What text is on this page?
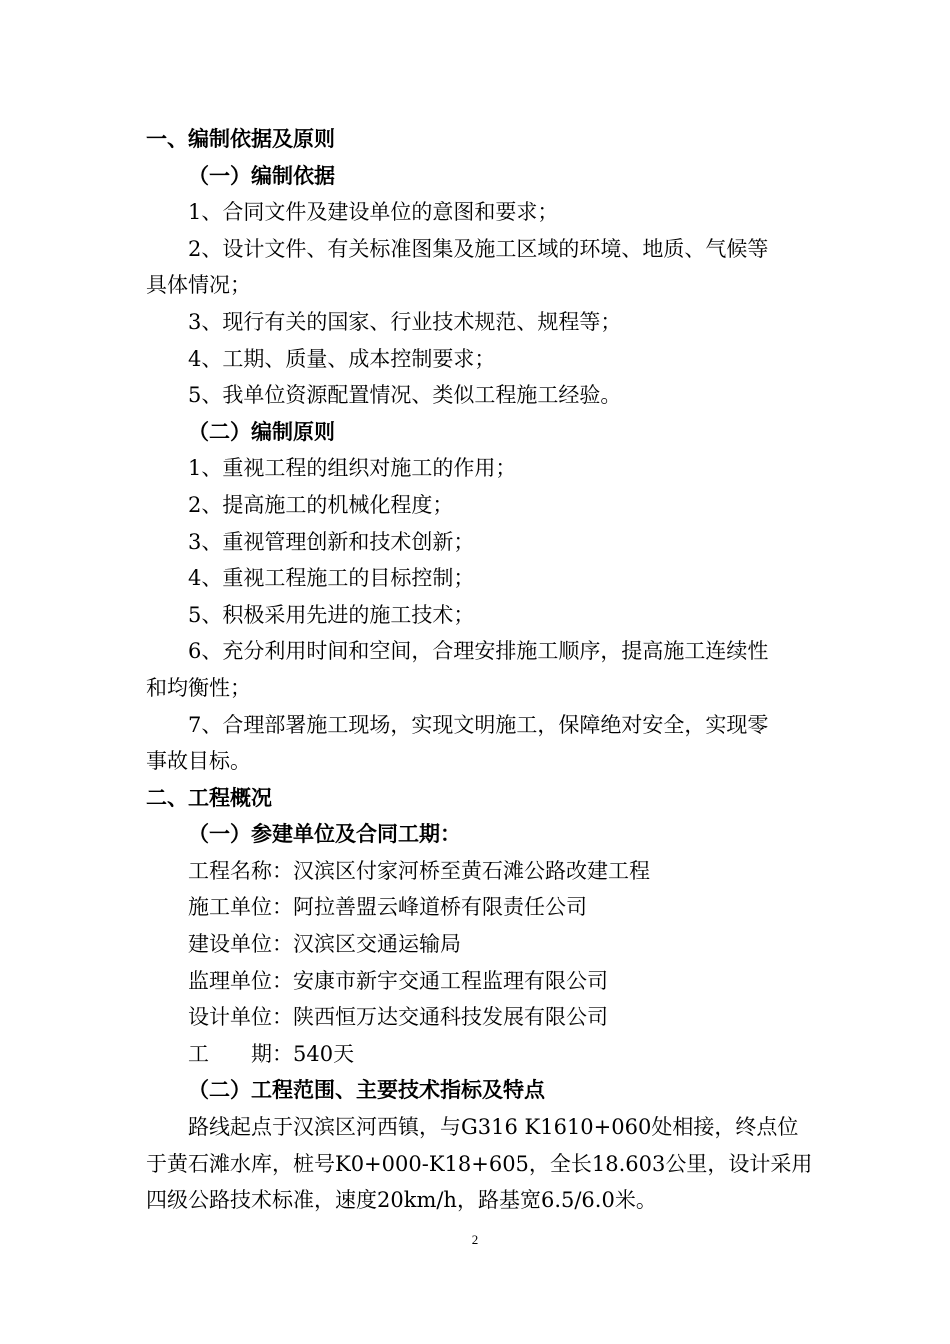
一、编制依据及原则
（一）编制依据
1、合同文件及建设单位的意图和要求；
2、设计文件、有关标准图集及施工区域的环境、地质、气候等
具体情况；
3、现行有关的国家、行业技术规范、规程等；
4、工期、质量、成本控制要求；
5、我单位资源配置情况、类似工程施工经验。
（二）编制原则
1、重视工程的组织对施工的作用；
2、提高施工的机械化程度；
3、重视管理创新和技术创新；
4、重视工程施工的目标控制；
5、积极采用先进的施工技术；
6、充分利用时间和空间，合理安排施工顺序，提高施工连续性
和均衡性；
7、合理部署施工现场，实现文明施工，保障绝对安全，实现零
事故目标。
二、工程概况
（一）参建单位及合同工期：
工程名称：汉滨区付家河桥至黄石滩公路改建工程
施工单位：阿拉善盟云峰道桥有限责任公司
建设单位：汉滨区交通运输局
监理单位：安康市新宇交通工程监理有限公司
设计单位：陕西恒万达交通科技发展有限公司
工　　期：540天
（二）工程范围、主要技术指标及特点
路线起点于汉滨区河西镇，与G316 K1610+060处相接，终点位
于黄石滩水库，桩号K0+000-K18+605，全长18.603公里，设计采用
四级公路技术标准，速度20km/h，路基宽6.5/6.0米。
2
